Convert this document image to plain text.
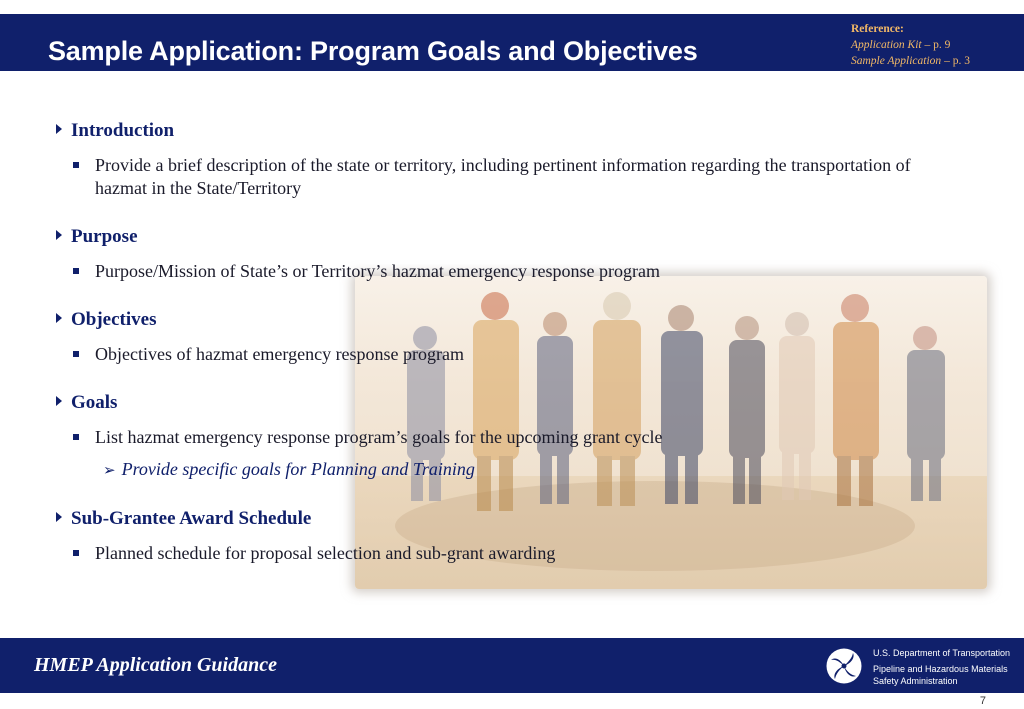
Sample Application: Program Goals and Objectives
Reference:
Application Kit – p. 9
Sample Application – p. 3
Introduction
Provide a brief description of the state or territory, including pertinent information regarding the transportation of hazmat in the State/Territory
Purpose
Purpose/Mission of State’s or Territory’s hazmat emergency response program
Objectives
Objectives of hazmat emergency response program
Goals
List hazmat emergency response program’s goals for the upcoming grant cycle
➢ Provide specific goals for Planning and Training
Sub-Grantee Award Schedule
Planned schedule for proposal selection and sub-grant awarding
HMEP Application Guidance
U.S. Department of Transportation
Pipeline and Hazardous Materials
Safety Administration
7
